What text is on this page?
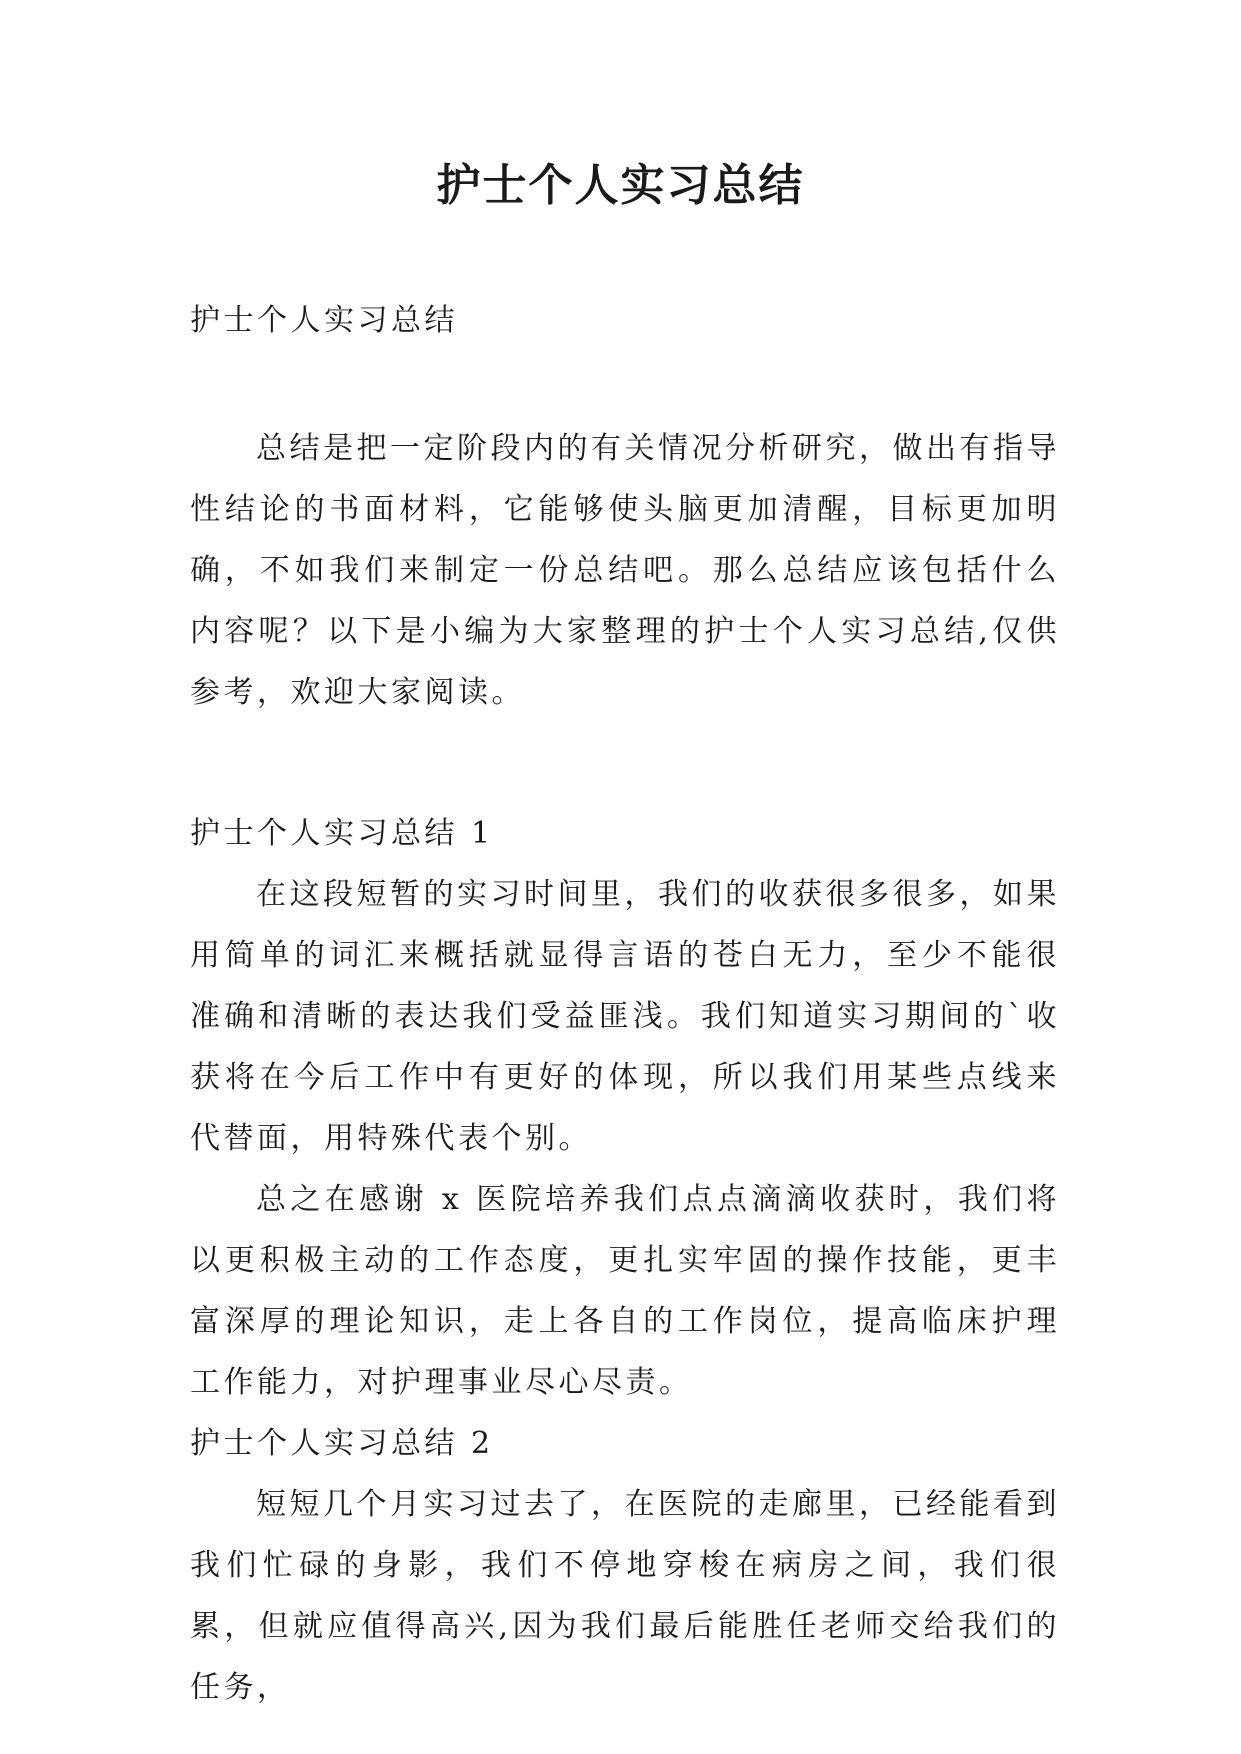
护士个人实习总结

护士个人实习总结

总结是把一定阶段内的有关情况分析研究，做出有指导性结论的书面材料，它能够使头脑更加清醒，目标更加明确，不如我们来制定一份总结吧。那么总结应该包括什么内容呢？以下是小编为大家整理的护士个人实习总结,仅供参考，欢迎大家阅读。

护士个人实习总结 1

在这段短暂的实习时间里，我们的收获很多很多，如果用简单的词汇来概括就显得言语的苍白无力，至少不能很准确和清晰的表达我们受益匪浅。我们知道实习期间的`收获将在今后工作中有更好的体现，所以我们用某些点线来代替面，用特殊代表个别。

总之在感谢 x 医院培养我们点点滴滴收获时，我们将以更积极主动的工作态度，更扎实牢固的操作技能，更丰富深厚的理论知识，走上各自的工作岗位，提高临床护理工作能力，对护理事业尽心尽责。

护士个人实习总结 2

短短几个月实习过去了，在医院的走廊里，已经能看到我们忙碌的身影，我们不停地穿梭在病房之间，我们很累，但就应值得高兴,因为我们最后能胜任老师交给我们的任务，
